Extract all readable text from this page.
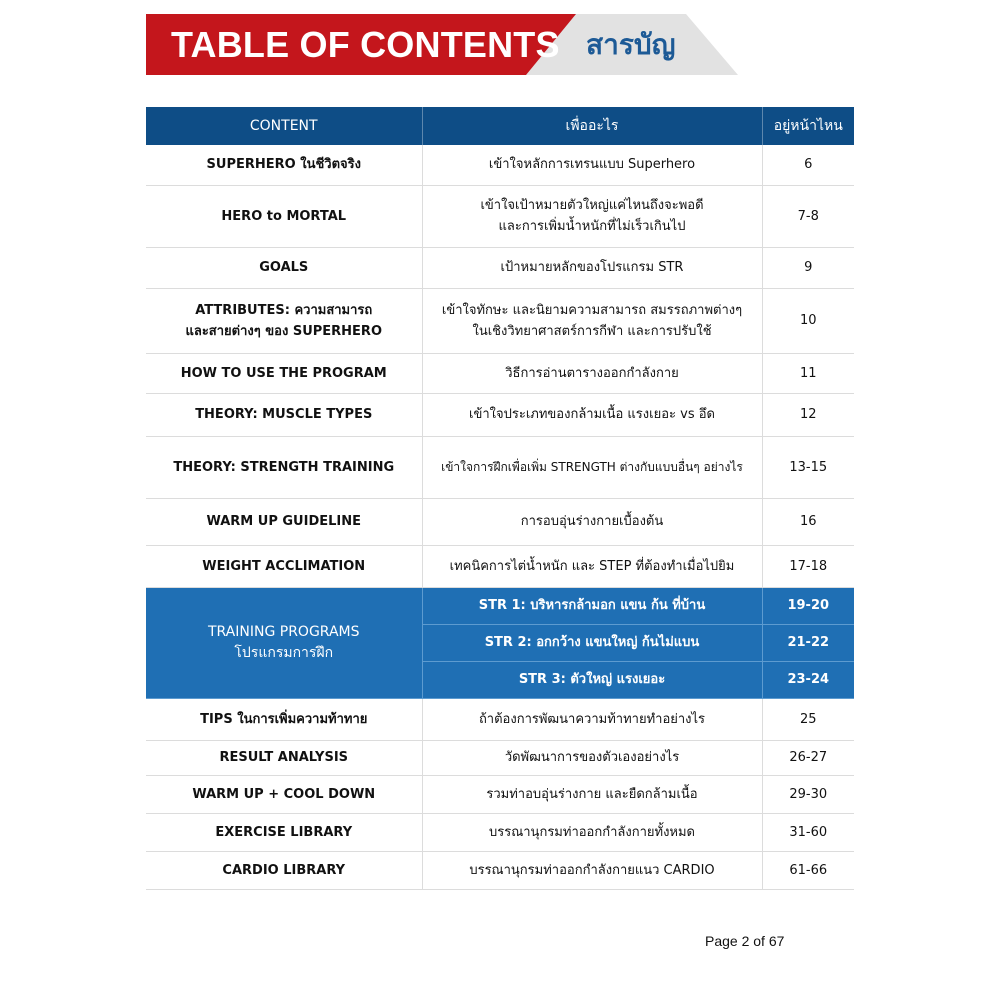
TABLE OF CONTENTS สารบัญ
CONTENT	เพื่ออะไร	อยู่หน้าไหน

SUPERHERO ในชีวิตจริง	เข้าใจหลักการเทรนแบบ Superhero	6

HERO to MORTAL	เข้าใจเป้าหมายตัวใหญ่แค่ไหนถึงจะพอดี
และการเพิ่มน้ำหนักที่ไม่เร็วเกินไป	7-8

GOALS	เป้าหมายหลักของโปรแกรม STR	9

ATTRIBUTES: ความสามารถ
และสายต่างๆ ของ SUPERHERO	เข้าใจทักษะ และนิยามความสามารถ สมรรถภาพต่างๆ
ในเชิงวิทยาศาสตร์การกีฬา และการปรับใช้	10

HOW TO USE THE PROGRAM	วิธีการอ่านตารางออกกำลังกาย	11

THEORY: MUSCLE TYPES	เข้าใจประเภทของกล้ามเนื้อ แรงเยอะ vs อึด	12

THEORY: STRENGTH TRAINING	เข้าใจการฝึกเพื่อเพิ่ม STRENGTH ต่างกับแบบอื่นๆ อย่างไร	13-15

WARM UP GUIDELINE	การอบอุ่นร่างกายเบื้องต้น	16

WEIGHT ACCLIMATION	เทคนิคการไต่น้ำหนัก และ STEP ที่ต้องทำเมื่อไปยิม	17-18

TRAINING PROGRAMS
โปรแกรมการฝึก	STR 1: บริหารกล้ามอก แขน ก้น ที่บ้าน	19-20
	STR 2: อกกว้าง แขนใหญ่ ก้นไม่แบน	21-22
	STR 3: ตัวใหญ่ แรงเยอะ	23-24

TIPS ในการเพิ่มความท้าทาย	ถ้าต้องการพัฒนาความท้าทายทำอย่างไร	25

RESULT ANALYSIS	วัดพัฒนาการของตัวเองอย่างไร	26-27

WARM UP + COOL DOWN	รวมท่าอบอุ่นร่างกาย และยืดกล้ามเนื้อ	29-30

EXERCISE LIBRARY	บรรณานุกรมท่าออกกำลังกายทั้งหมด	31-60

CARDIO LIBRARY	บรรณานุกรมท่าออกกำลังกายแนว CARDIO	61-66
Page 2 of 67
